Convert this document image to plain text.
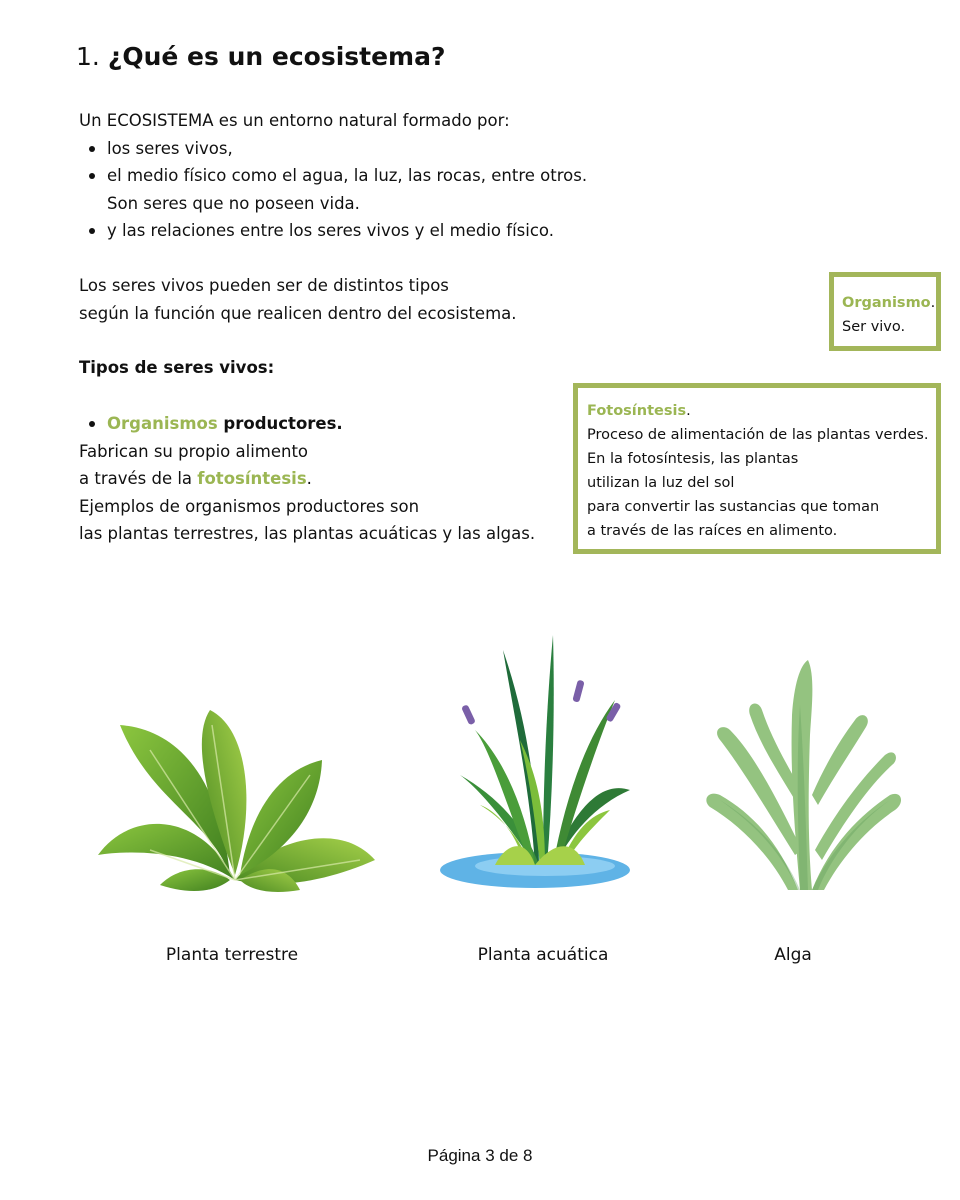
1. ¿Qué es un ecosistema?
Un ECOSISTEMA es un entorno natural formado por:
los seres vivos,
el medio físico como el agua, la luz, las rocas, entre otros.
Son seres que no poseen vida.
y las relaciones entre los seres vivos y el medio físico.
Los seres vivos pueden ser de distintos tipos
según la función que realicen dentro del ecosistema.
Tipos de seres vivos:
Organismos productores.
Fabrican su propio alimento
a través de la fotosíntesis.
Ejemplos de organismos productores son
las plantas terrestres, las plantas acuáticas y las algas.
Organismo.
Ser vivo.
Fotosíntesis.
Proceso de alimentación de las plantas verdes.
En la fotosíntesis, las plantas
utilizan la luz del sol
para convertir las sustancias que toman
a través de las raíces en alimento.
Planta terrestre	Planta acuática	Alga
Página 3 de 8
